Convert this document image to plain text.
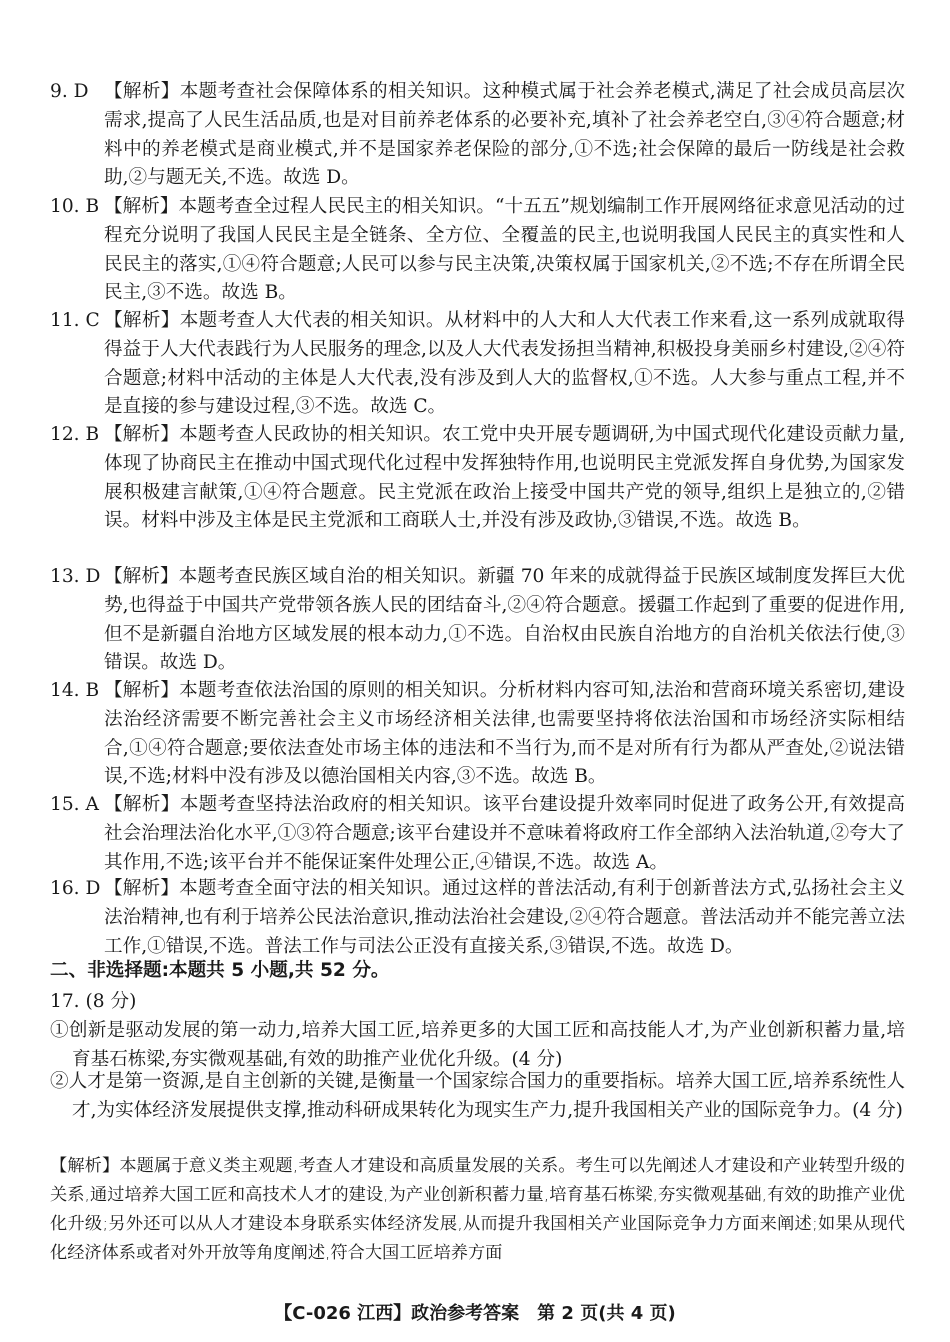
9. D 【解析】本题考查社会保障体系的相关知识。这种模式属于社会养老模式,满足了社会成员高层次需求,提高了人民生活品质,也是对目前养老体系的必要补充,填补了社会养老空白,③④符合题意;材料中的养老模式是商业模式,并不是国家养老保险的部分,①不选;社会保障的最后一防线是社会救助,②与题无关,不选。故选 D。
10. B 【解析】本题考查全过程人民民主的相关知识。“十五五”规划编制工作开展网络征求意见活动的过程充分说明了我国人民民主是全链条、全方位、全覆盖的民主,也说明我国人民民主的真实性和人民民主的落实,①④符合题意;人民可以参与民主决策,决策权属于国家机关,②不选;不存在所谓全民民主,③不选。故选 B。
11. C 【解析】本题考查人大代表的相关知识。从材料中的人大和人大代表工作来看,这一系列成就取得得益于人大代表践行为人民服务的理念,以及人大代表发扬担当精神,积极投身美丽乡村建设,②④符合题意;材料中活动的主体是人大代表,没有涉及到人大的监督权,①不选。人大参与重点工程,并不是直接的参与建设过程,③不选。故选 C。
12. B 【解析】本题考查人民政协的相关知识。农工党中央开展专题调研,为中国式现代化建设贡献力量,体现了协商民主在推动中国式现代化过程中发挥独特作用,也说明民主党派发挥自身优势,为国家发展积极建言献策,①④符合题意。民主党派在政治上接受中国共产党的领导,组织上是独立的,②错误。材料中涉及主体是民主党派和工商联人士,并没有涉及政协,③错误,不选。故选 B。
13. D 【解析】本题考查民族区域自治的相关知识。新疆 70 年来的成就得益于民族区域制度发挥巨大优势,也得益于中国共产党带领各族人民的团结奋斗,②④符合题意。援疆工作起到了重要的促进作用,但不是新疆自治地方区域发展的根本动力,①不选。自治权由民族自治地方的自治机关依法行使,③错误。故选 D。
14. B 【解析】本题考查依法治国的原则的相关知识。分析材料内容可知,法治和营商环境关系密切,建设法治经济需要不断完善社会主义市场经济相关法律,也需要坚持将依法治国和市场经济实际相结合,①④符合题意;要依法查处市场主体的违法和不当行为,而不是对所有行为都从严查处,②说法错误,不选;材料中没有涉及以德治国相关内容,③不选。故选 B。
15. A 【解析】本题考查坚持法治政府的相关知识。该平台建设提升效率同时促进了政务公开,有效提高社会治理法治化水平,①③符合题意;该平台建设并不意味着将政府工作全部纳入法治轨道,②夸大了其作用,不选;该平台并不能保证案件处理公正,④错误,不选。故选 A。
16. D 【解析】本题考查全面守法的相关知识。通过这样的普法活动,有利于创新普法方式,弘扬社会主义法治精神,也有利于培养公民法治意识,推动法治社会建设,②④符合题意。普法活动并不能完善立法工作,①错误,不选。普法工作与司法公正没有直接关系,③错误,不选。故选 D。
二、非选择题:本题共 5 小题,共 52 分。
17. (8 分)
①创新是驱动发展的第一动力,培养大国工匠,培养更多的大国工匠和高技能人才,为产业创新积蓄力量,培育基石栋梁,夯实微观基础,有效的助推产业优化升级。(4 分)
②人才是第一资源,是自主创新的关键,是衡量一个国家综合国力的重要指标。培养大国工匠,培养系统性人才,为实体经济发展提供支撑,推动科研成果转化为现实生产力,提升我国相关产业的国际竞争力。(4 分)
【解析】本题属于意义类主观题,考查人才建设和高质量发展的关系。考生可以先阐述人才建设和产业转型升级的关系,通过培养大国工匠和高技术人才的建设,为产业创新积蓄力量,培育基石栋梁,夯实微观基础,有效的助推产业优化升级;另外还可以从人才建设本身联系实体经济发展,从而提升我国相关产业国际竞争力方面来阐述;如果从现代化经济体系或者对外开放等角度阐述,符合大国工匠培养方面
【C-026 江西】政治参考答案　第 2 页(共 4 页)
